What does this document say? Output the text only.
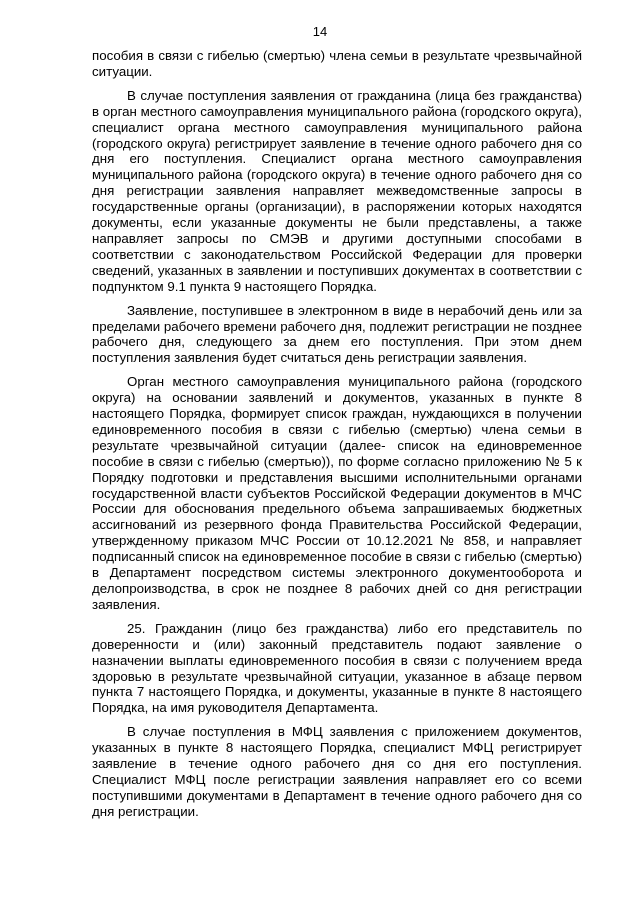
14

пособия в связи с гибелью (смертью) члена семьи в результате чрезвычайной ситуации.

В случае поступления заявления от гражданина (лица без гражданства) в орган местного самоуправления муниципального района (городского округа), специалист органа местного самоуправления муниципального района (городского округа) регистрирует заявление в течение одного рабочего дня со дня его поступления. Специалист органа местного самоуправления муниципального района (городского округа) в течение одного рабочего дня со дня регистрации заявления направляет межведомственные запросы в государственные органы (организации), в распоряжении которых находятся документы, если указанные документы не были представлены, а также направляет запросы по СМЭВ и другими доступными способами в соответствии с законодательством Российской Федерации для проверки сведений, указанных в заявлении и поступивших документах в соответствии с подпунктом 9.1 пункта 9 настоящего Порядка.

Заявление, поступившее в электронном в виде в нерабочий день или за пределами рабочего времени рабочего дня, подлежит регистрации не позднее рабочего дня, следующего за днем его поступления. При этом днем поступления заявления будет считаться день регистрации заявления.

Орган местного самоуправления муниципального района (городского округа) на основании заявлений и документов, указанных в пункте 8 настоящего Порядка, формирует список граждан, нуждающихся в получении единовременного пособия в связи с гибелью (смертью) члена семьи в результате чрезвычайной ситуации (далее- список на единовременное пособие в связи с гибелью (смертью)), по форме согласно приложению № 5 к Порядку подготовки и представления высшими исполнительными органами государственной власти субъектов Российской Федерации документов в МЧС России для обоснования предельного объема запрашиваемых бюджетных ассигнований из резервного фонда Правительства Российской Федерации, утвержденному приказом МЧС России от 10.12.2021 № 858, и направляет подписанный список на единовременное пособие в связи с гибелью (смертью) в Департамент посредством системы электронного документооборота и делопроизводства, в срок не позднее 8 рабочих дней со дня регистрации заявления.

25. Гражданин (лицо без гражданства) либо его представитель по доверенности и (или) законный представитель подают заявление о назначении выплаты единовременного пособия в связи с получением вреда здоровью в результате чрезвычайной ситуации, указанное в абзаце первом пункта 7 настоящего Порядка, и документы, указанные в пункте 8 настоящего Порядка, на имя руководителя Департамента.

В случае поступления в МФЦ заявления с приложением документов, указанных в пункте 8 настоящего Порядка, специалист МФЦ регистрирует заявление в течение одного рабочего дня со дня его поступления. Специалист МФЦ после регистрации заявления направляет его со всеми поступившими документами в Департамент в течение одного рабочего дня со дня регистрации.
